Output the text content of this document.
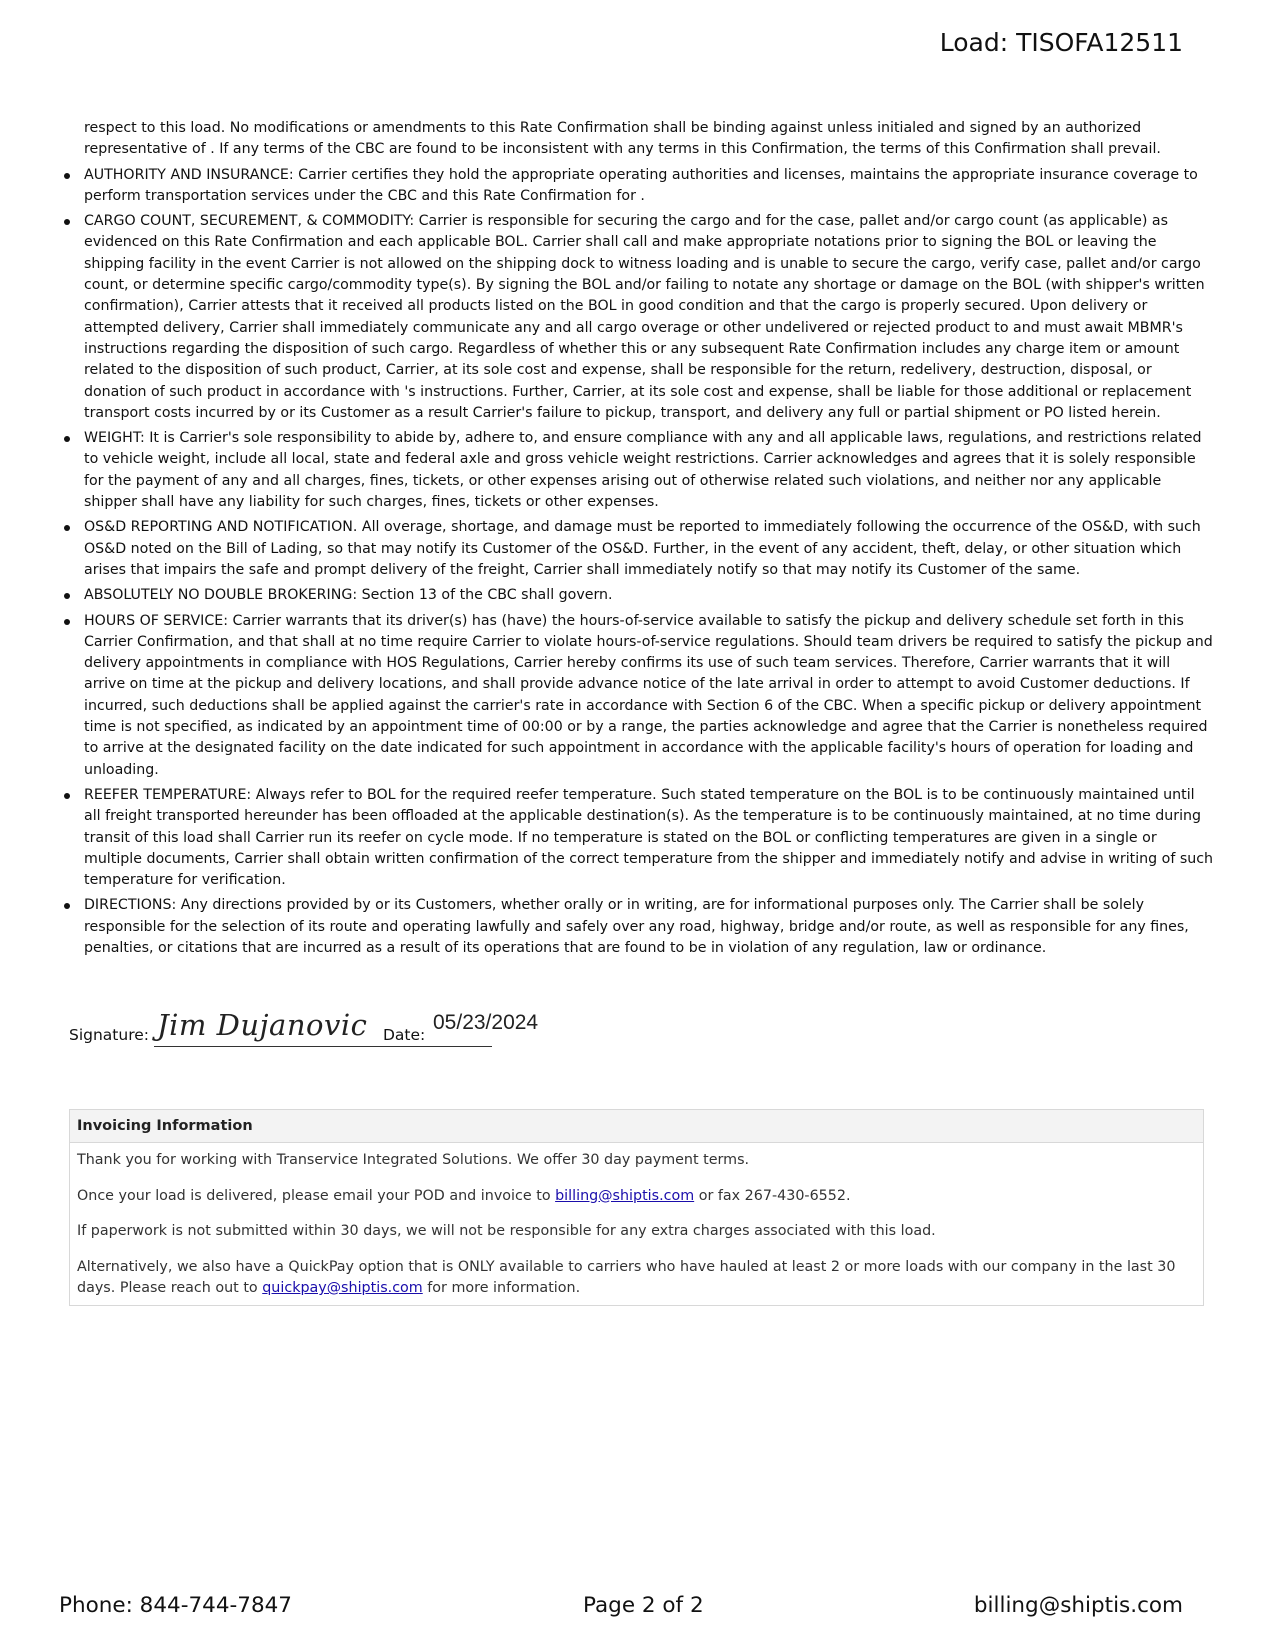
Load: TISOFA12511

respect to this load. No modifications or amendments to this Rate Confirmation shall be binding against unless initialed and signed by an authorized representative of . If any terms of the CBC are found to be inconsistent with any terms in this Confirmation, the terms of this Confirmation shall prevail.

AUTHORITY AND INSURANCE: Carrier certifies they hold the appropriate operating authorities and licenses, maintains the appropriate insurance coverage to perform transportation services under the CBC and this Rate Confirmation for .
CARGO COUNT, SECUREMENT, & COMMODITY: Carrier is responsible for securing the cargo and for the case, pallet and/or cargo count (as applicable) as evidenced on this Rate Confirmation and each applicable BOL. Carrier shall call and make appropriate notations prior to signing the BOL or leaving the shipping facility in the event Carrier is not allowed on the shipping dock to witness loading and is unable to secure the cargo, verify case, pallet and/or cargo count, or determine specific cargo/commodity type(s). By signing the BOL and/or failing to notate any shortage or damage on the BOL (with shipper's written confirmation), Carrier attests that it received all products listed on the BOL in good condition and that the cargo is properly secured. Upon delivery or attempted delivery, Carrier shall immediately communicate any and all cargo overage or other undelivered or rejected product to and must await MBMR's instructions regarding the disposition of such cargo. Regardless of whether this or any subsequent Rate Confirmation includes any charge item or amount related to the disposition of such product, Carrier, at its sole cost and expense, shall be responsible for the return, redelivery, destruction, disposal, or donation of such product in accordance with 's instructions. Further, Carrier, at its sole cost and expense, shall be liable for those additional or replacement transport costs incurred by or its Customer as a result Carrier's failure to pickup, transport, and delivery any full or partial shipment or PO listed herein.
WEIGHT: It is Carrier's sole responsibility to abide by, adhere to, and ensure compliance with any and all applicable laws, regulations, and restrictions related to vehicle weight, include all local, state and federal axle and gross vehicle weight restrictions. Carrier acknowledges and agrees that it is solely responsible for the payment of any and all charges, fines, tickets, or other expenses arising out of otherwise related such violations, and neither nor any applicable shipper shall have any liability for such charges, fines, tickets or other expenses.
OS&D REPORTING AND NOTIFICATION. All overage, shortage, and damage must be reported to immediately following the occurrence of the OS&D, with such OS&D noted on the Bill of Lading, so that may notify its Customer of the OS&D. Further, in the event of any accident, theft, delay, or other situation which arises that impairs the safe and prompt delivery of the freight, Carrier shall immediately notify so that may notify its Customer of the same.
ABSOLUTELY NO DOUBLE BROKERING: Section 13 of the CBC shall govern.
HOURS OF SERVICE: Carrier warrants that its driver(s) has (have) the hours-of-service available to satisfy the pickup and delivery schedule set forth in this Carrier Confirmation, and that shall at no time require Carrier to violate hours-of-service regulations. Should team drivers be required to satisfy the pickup and delivery appointments in compliance with HOS Regulations, Carrier hereby confirms its use of such team services. Therefore, Carrier warrants that it will arrive on time at the pickup and delivery locations, and shall provide advance notice of the late arrival in order to attempt to avoid Customer deductions. If incurred, such deductions shall be applied against the carrier's rate in accordance with Section 6 of the CBC. When a specific pickup or delivery appointment time is not specified, as indicated by an appointment time of 00:00 or by a range, the parties acknowledge and agree that the Carrier is nonetheless required to arrive at the designated facility on the date indicated for such appointment in accordance with the applicable facility's hours of operation for loading and unloading.
REEFER TEMPERATURE: Always refer to BOL for the required reefer temperature. Such stated temperature on the BOL is to be continuously maintained until all freight transported hereunder has been offloaded at the applicable destination(s). As the temperature is to be continuously maintained, at no time during transit of this load shall Carrier run its reefer on cycle mode. If no temperature is stated on the BOL or conflicting temperatures are given in a single or multiple documents, Carrier shall obtain written confirmation of the correct temperature from the shipper and immediately notify and advise in writing of such temperature for verification.
DIRECTIONS: Any directions provided by or its Customers, whether orally or in writing, are for informational purposes only. The Carrier shall be solely responsible for the selection of its route and operating lawfully and safely over any road, highway, bridge and/or route, as well as responsible for any fines, penalties, or citations that are incurred as a result of its operations that are found to be in violation of any regulation, law or ordinance.
Signature: Jim Dujanovic Date:
05/23/2024
Invoicing Information

Thank you for working with Transervice Integrated Solutions. We offer 30 day payment terms.

Once your load is delivered, please email your POD and invoice to billing@shiptis.com or fax 267-430-6552.

If paperwork is not submitted within 30 days, we will not be responsible for any extra charges associated with this load.

Alternatively, we also have a QuickPay option that is ONLY available to carriers who have hauled at least 2 or more loads with our company in the last 30 days. Please reach out to quickpay@shiptis.com for more information.

Phone: 844-744-7847	Page 2 of 2	billing@shiptis.com
